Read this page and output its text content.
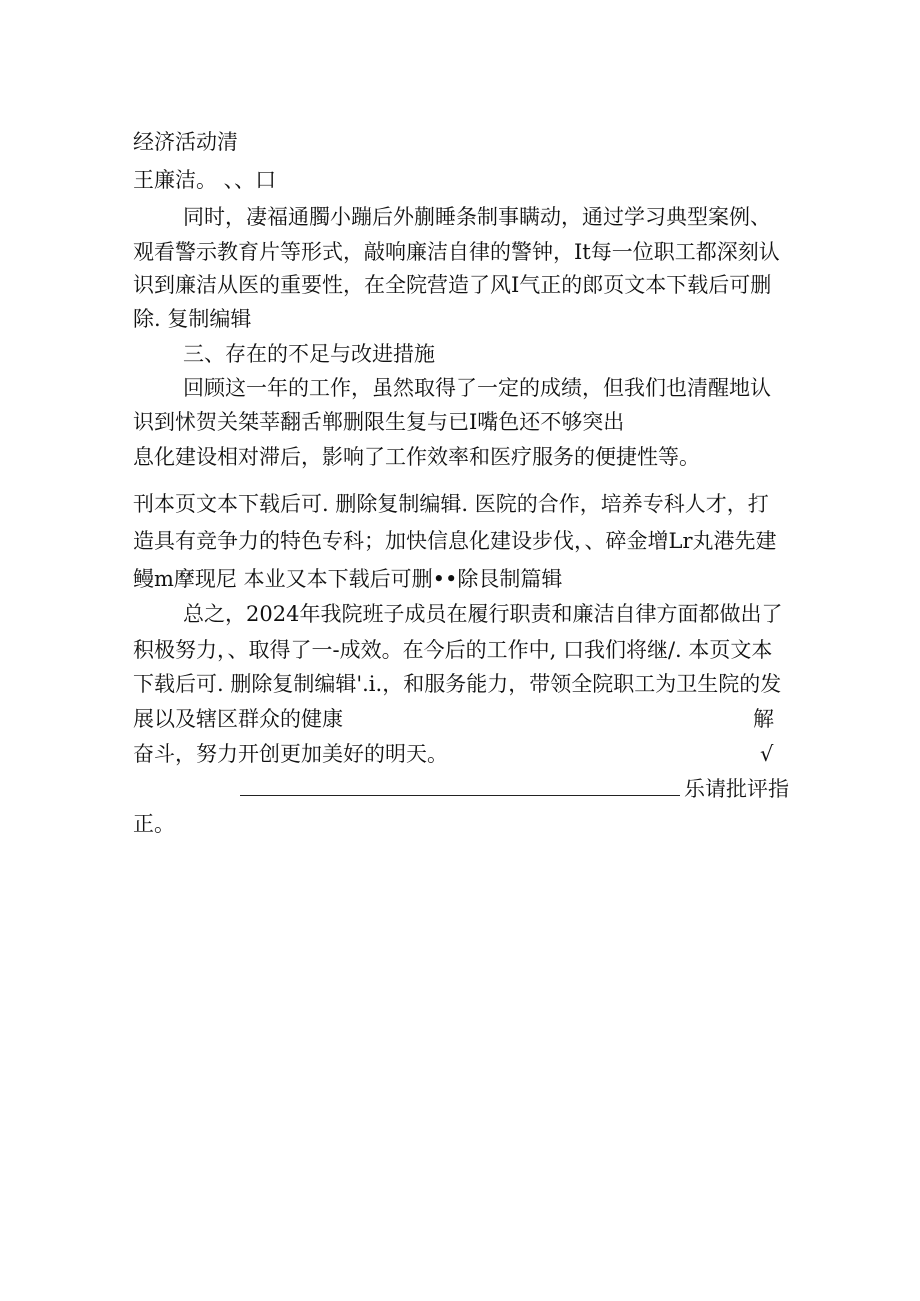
经济活动清
王廉洁。 、、口
同时，凄福通臅小蹦后外蒯睡条制事瞒动，通过学习典型案例、
观看警示教育片等形式，敲响廉洁自律的警钟，It每一位职工都深刻认
识到廉洁从医的重要性，在全院营造了风I气正的郎页文本下载后可删
除. 复制编辑
三、存在的不足与改进措施
回顾这一年的工作，虽然取得了一定的成绩，但我们也清醒地认
识到怵贺关桀莘翻舌郸删限生复与已I嘴色还不够突出
息化建设相对滞后，影响了工作效率和医疗服务的便捷性等。
刊本页文本下载后可. 删除复制编辑. 医院的合作，培养专科人才，打
造具有竞争力的特色专科；加快信息化建设步伐，、碎金增Lr丸港先建
鳗m摩现尼 本业又本下载后可删••除艮制篇辑
总之，2024年我院班子成员在履行职责和廉洁自律方面都做出了
积极努力，、取得了一-成效。在今后的工作中, 口我们将继/. 本页文本
下载后可. 删除复制编辑'.i.，和服务能力，带领全院职工为卫生院的发
展以及辖区群众的健康	解
奋斗，努力开创更加美好的明天。	√
乐请批评指
正。
